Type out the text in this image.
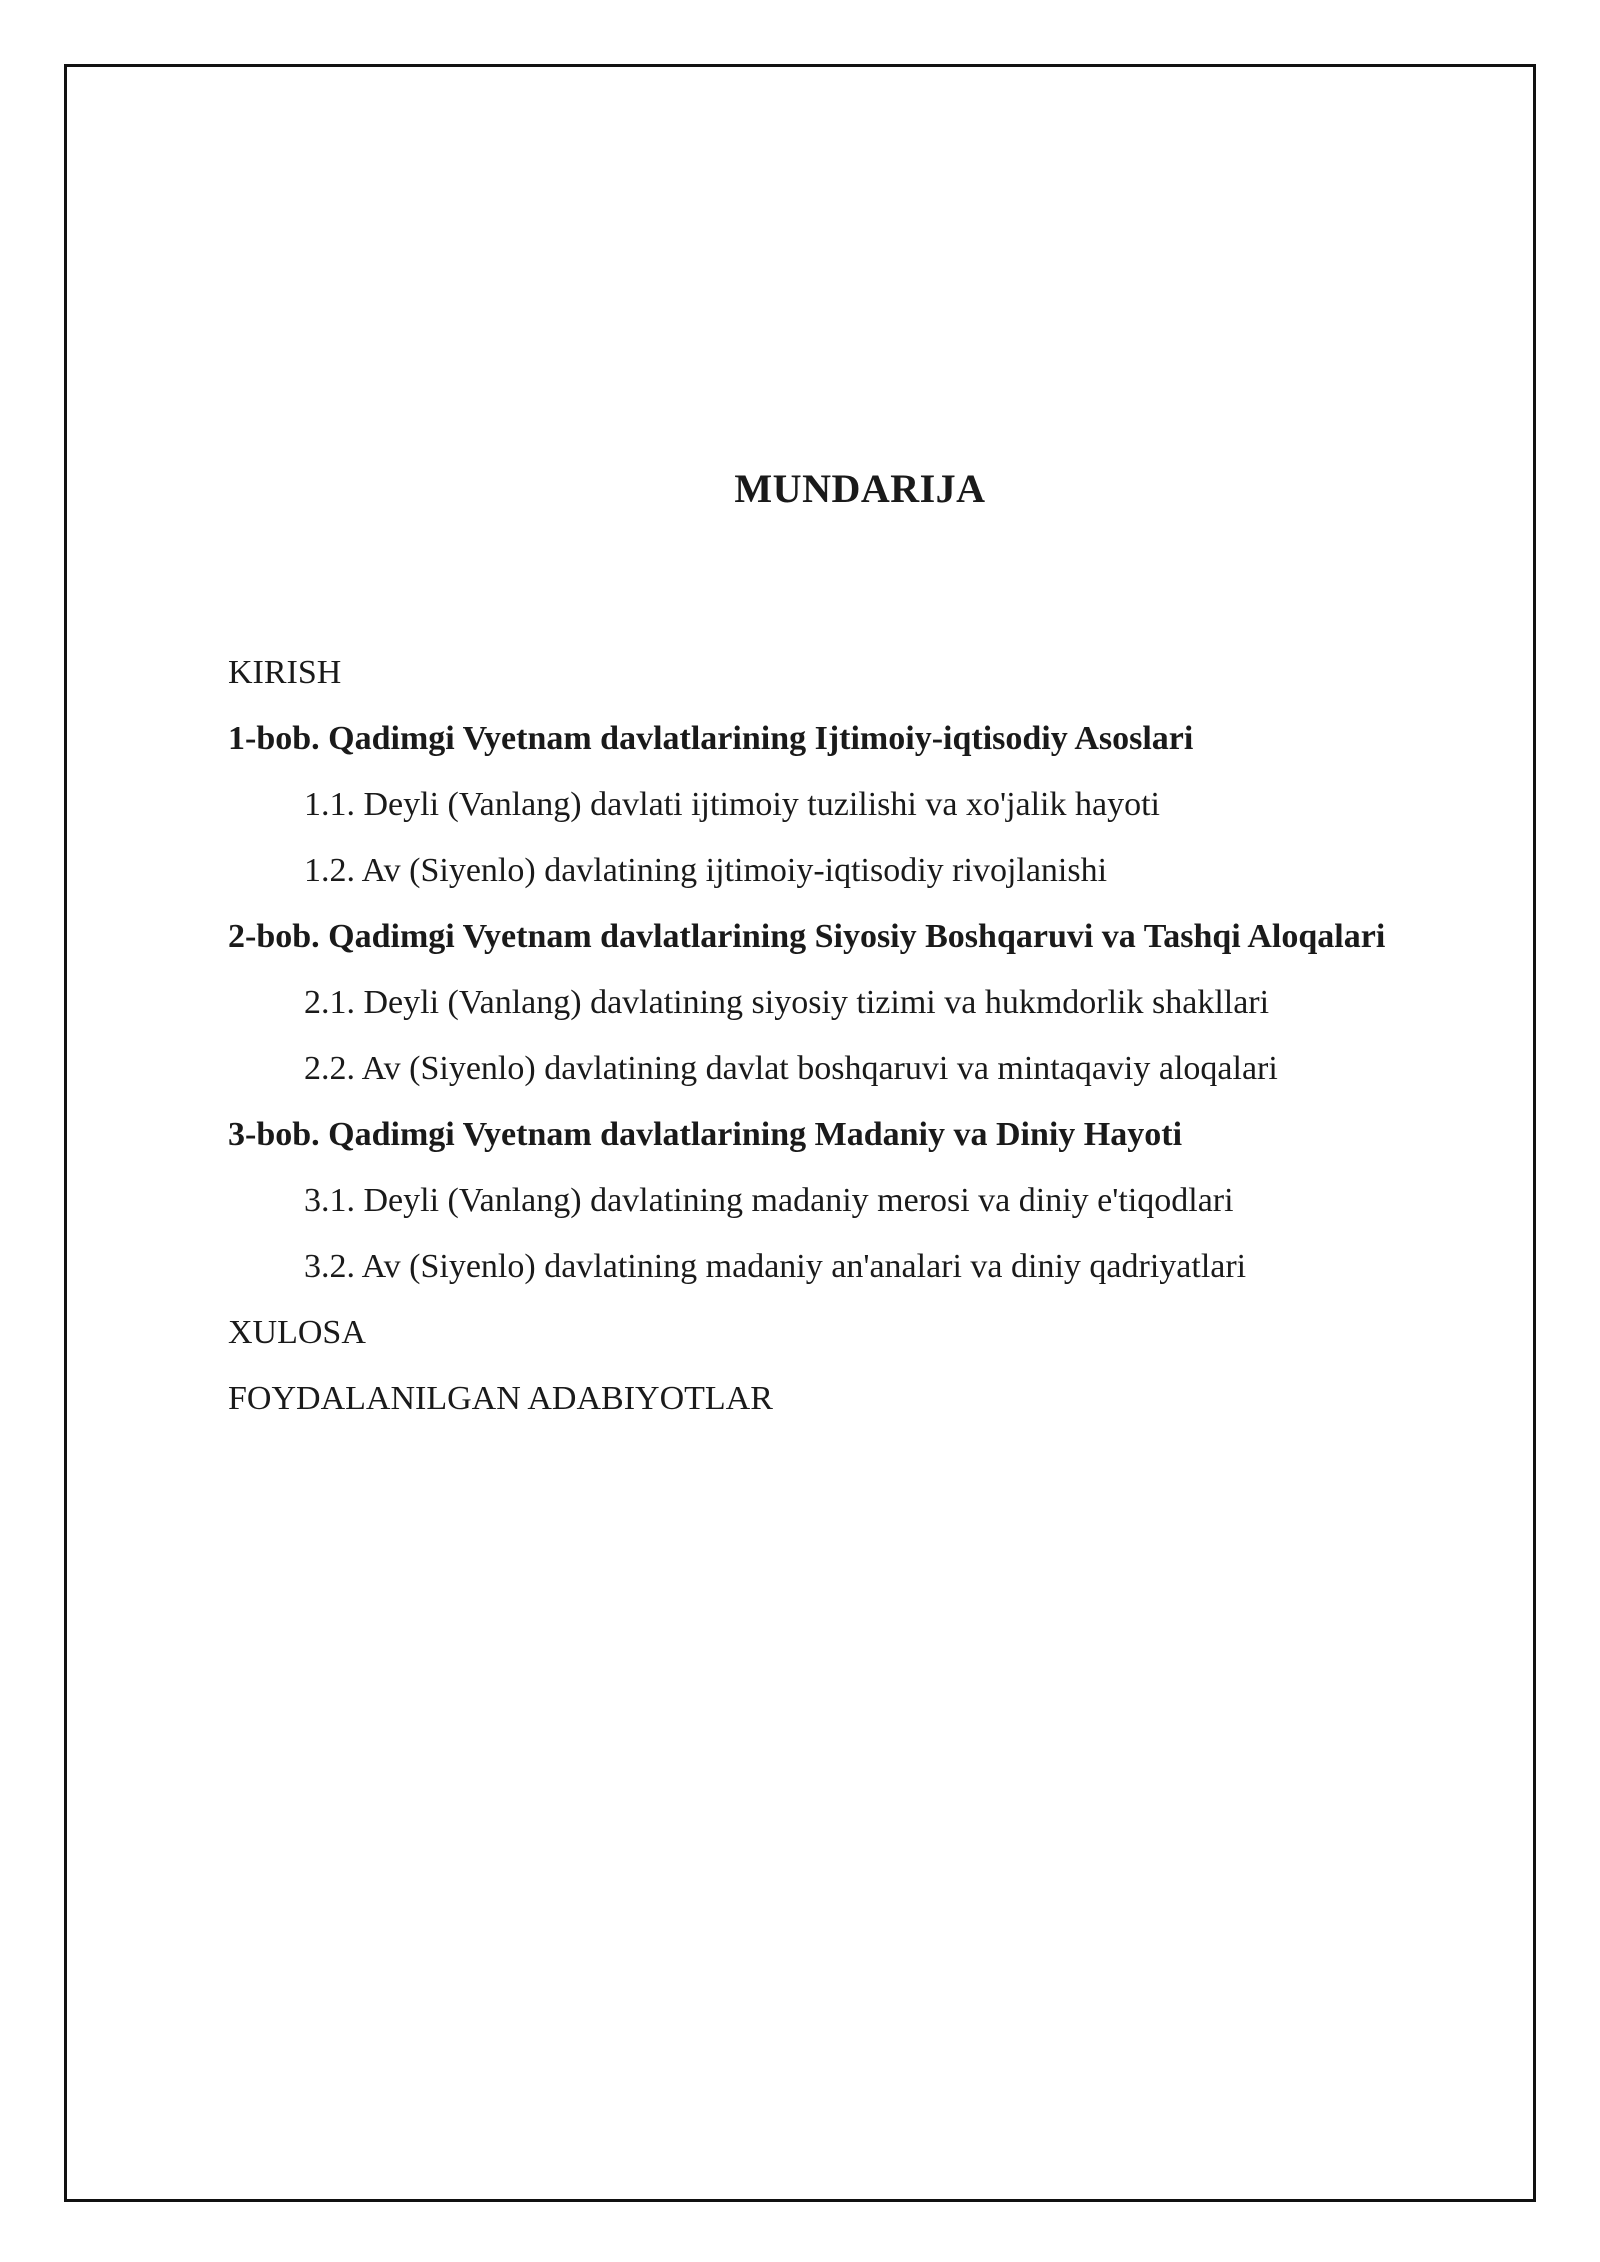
MUNDARIJA
KIRISH
1-bob. Qadimgi Vyetnam davlatlarining Ijtimoiy-iqtisodiy Asoslari
1.1. Deyli (Vanlang) davlati ijtimoiy tuzilishi va xo'jalik hayoti
1.2. Av (Siyenlo) davlatining ijtimoiy-iqtisodiy rivojlanishi
2-bob. Qadimgi Vyetnam davlatlarining Siyosiy Boshqaruvi va Tashqi Aloqalari
2.1. Deyli (Vanlang) davlatining siyosiy tizimi va hukmdorlik shakllari
2.2. Av (Siyenlo) davlatining davlat boshqaruvi va mintaqaviy aloqalari
3-bob. Qadimgi Vyetnam davlatlarining Madaniy va Diniy Hayoti
3.1. Deyli (Vanlang) davlatining madaniy merosi va diniy e'tiqodlari
3.2. Av (Siyenlo) davlatining madaniy an'analari va diniy qadriyatlari
XULOSA
FOYDALANILGAN ADABIYOTLAR
